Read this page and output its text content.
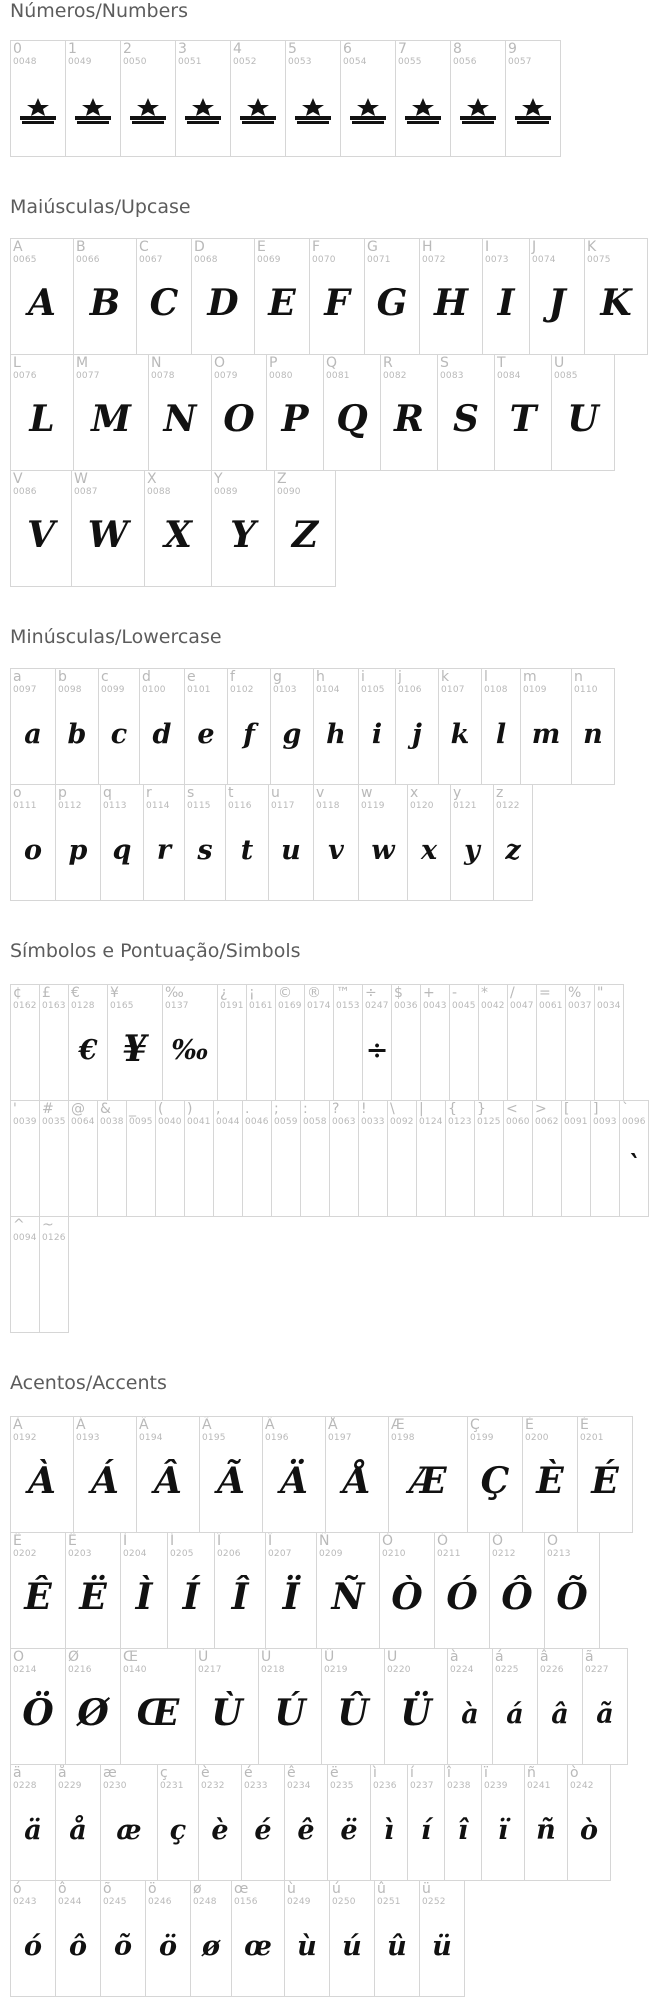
Números/Numbers
0
0048
1
0049
2
0050
3
0051
4
0052
5
0053
6
0054
7
0055
8
0056
9
0057
Maiúsculas/Upcase
A
0065
A
B
0066
B
C
0067
C
D
0068
D
E
0069
E
F
0070
F
G
0071
G
H
0072
H
I
0073
I
J
0074
J
K
0075
K
L
0076
L
M
0077
M
N
0078
N
O
0079
O
P
0080
P
Q
0081
Q
R
0082
R
S
0083
S
T
0084
T
U
0085
U
V
0086
V
W
0087
W
X
0088
X
Y
0089
Y
Z
0090
Z
Minúsculas/Lowercase
a
0097
a
b
0098
b
c
0099
c
d
0100
d
e
0101
e
f
0102
f
g
0103
g
h
0104
h
i
0105
i
j
0106
j
k
0107
k
l
0108
l
m
0109
m
n
0110
n
o
0111
o
p
0112
p
q
0113
q
r
0114
r
s
0115
s
t
0116
t
u
0117
u
v
0118
v
w
0119
w
x
0120
x
y
0121
y
z
0122
z
Símbolos e Pontuação/Simbols
¢
0162
£
0163
€
0128
€
¥
0165
¥
‰
0137
‰
¿
0191
¡
0161
©
0169
®
0174
™
0153
÷
0247
÷
$
0036
+
0043
-
0045
*
0042
/
0047
=
0061
%
0037
"
0034
'
0039
#
0035
@
0064
&
0038
_
0095
(
0040
)
0041
,
0044
.
0046
;
0059
:
0058
?
0063
!
0033
\
0092
|
0124
{
0123
}
0125
<
0060
>
0062
[
0091
]
0093
`
0096
`
^
0094
~
0126
Acentos/Accents
À
0192
À
Á
0193
Á
Â
0194
Â
Ã
0195
Ã
Ä
0196
Ä
Å
0197
Å
Æ
0198
Æ
Ç
0199
Ç
È
0200
È
É
0201
É
Ê
0202
Ê
Ë
0203
Ë
Ì
0204
Ì
Í
0205
Í
Î
0206
Î
Ï
0207
Ï
Ñ
0209
Ñ
Ò
0210
Ò
Ó
0211
Ó
Ô
0212
Ô
Õ
0213
Õ
Ö
0214
Ö
Ø
0216
Ø
Œ
0140
Œ
Ù
0217
Ù
Ú
0218
Ú
Û
0219
Û
Ü
0220
Ü
à
0224
à
á
0225
á
â
0226
â
ã
0227
ã
ä
0228
ä
å
0229
å
æ
0230
æ
ç
0231
ç
è
0232
è
é
0233
é
ê
0234
ê
ë
0235
ë
ì
0236
ì
í
0237
í
î
0238
î
ï
0239
ï
ñ
0241
ñ
ò
0242
ò
ó
0243
ó
ô
0244
ô
õ
0245
õ
ö
0246
ö
ø
0248
ø
œ
0156
œ
ù
0249
ù
ú
0250
ú
û
0251
û
ü
0252
ü
